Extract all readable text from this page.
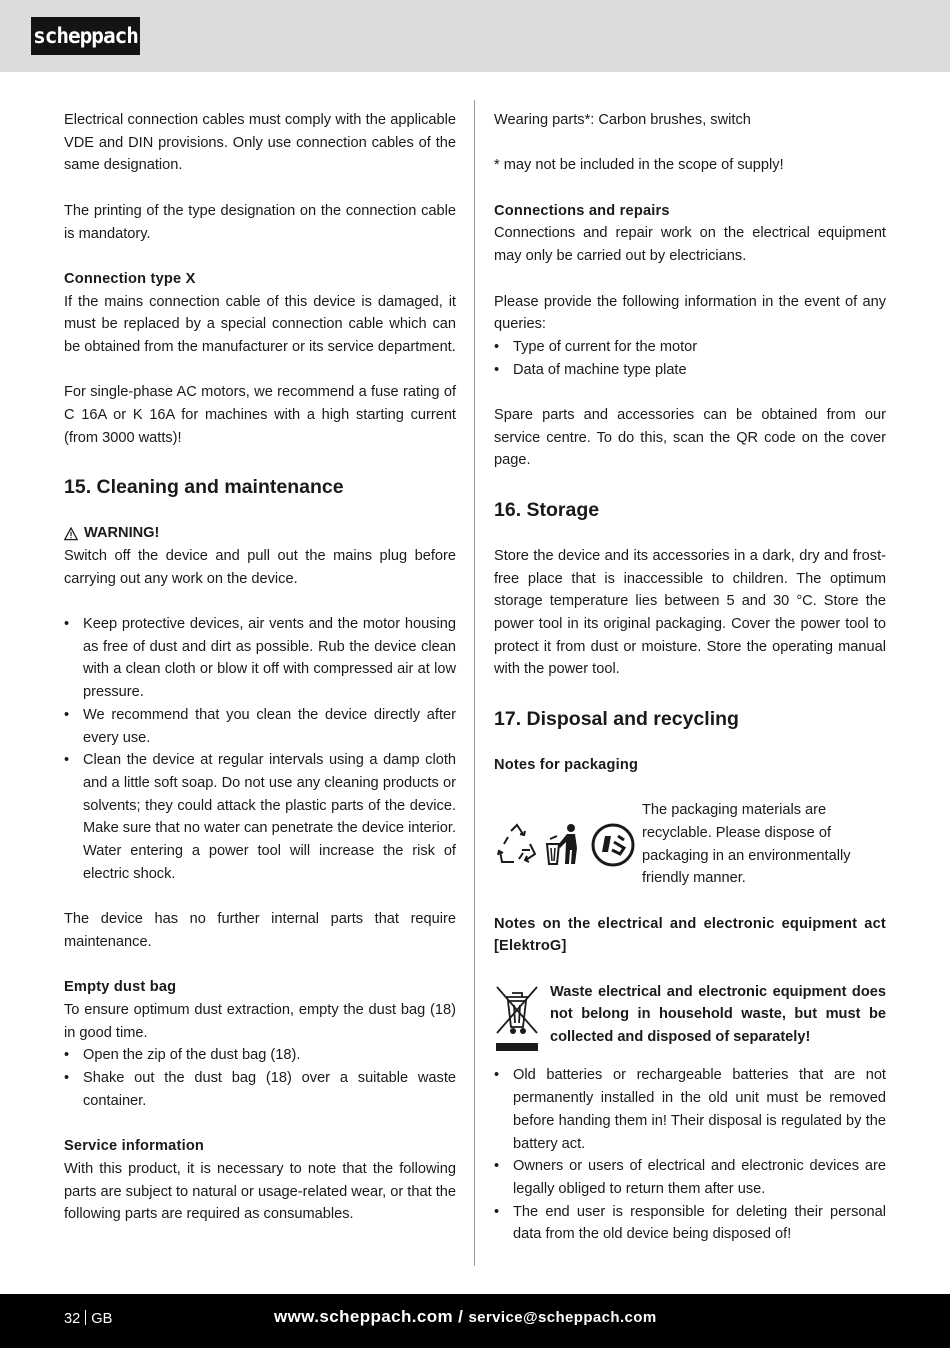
scheppach

Electrical connection cables must comply with the applicable VDE and DIN provisions. Only use connection cables of the same designation.

The printing of the type designation on the connection cable is mandatory.

Connection type X
If the mains connection cable of this device is damaged, it must be replaced by a special connection cable which can be obtained from the manufacturer or its service department.

For single-phase AC motors, we recommend a fuse rating of C 16A or K 16A for machines with a high starting current (from 3000 watts)!

15. Cleaning and maintenance

WARNING!
Switch off the device and pull out the mains plug before carrying out any work on the device.

• Keep protective devices, air vents and the motor housing as free of dust and dirt as possible. Rub the device clean with a clean cloth or blow it off with compressed air at low pressure.
• We recommend that you clean the device directly after every use.
• Clean the device at regular intervals using a damp cloth and a little soft soap. Do not use any cleaning products or solvents; they could attack the plastic parts of the device. Make sure that no water can penetrate the device interior. Water entering a power tool will increase the risk of electric shock.

The device has no further internal parts that require maintenance.

Empty dust bag
To ensure optimum dust extraction, empty the dust bag (18) in good time.

• Open the zip of the dust bag (18).
• Shake out the dust bag (18) over a suitable waste container.

Service information
With this product, it is necessary to note that the following parts are subject to natural or usage-related wear, or that the following parts are required as consumables.

Wearing parts*: Carbon brushes, switch

* may not be included in the scope of supply!

Connections and repairs
Connections and repair work on the electrical equipment may only be carried out by electricians.

Please provide the following information in the event of any queries:

• Type of current for the motor
• Data of machine type plate

Spare parts and accessories can be obtained from our service centre. To do this, scan the QR code on the cover page.

16. Storage

Store the device and its accessories in a dark, dry and frost-free place that is inaccessible to children. The optimum storage temperature lies between 5 and 30 °C. Store the power tool in its original packaging. Cover the power tool to protect it from dust or moisture. Store the operating manual with the power tool.

17. Disposal and recycling

Notes for packaging

The packaging materials are recyclable. Please dispose of packaging in an environmentally friendly manner.

Notes on the electrical and electronic equipment act [ElektroG]

Waste electrical and electronic equipment does not belong in household waste, but must be collected and disposed of separately!
• Old batteries or rechargeable batteries that are not permanently installed in the old unit must be removed before handing them in! Their disposal is regulated by the battery act.
• Owners or users of electrical and electronic devices are legally obliged to return them after use.
• The end user is responsible for deleting their personal data from the old device being disposed of!
32 GB	www.scheppach.com / service@scheppach.com
